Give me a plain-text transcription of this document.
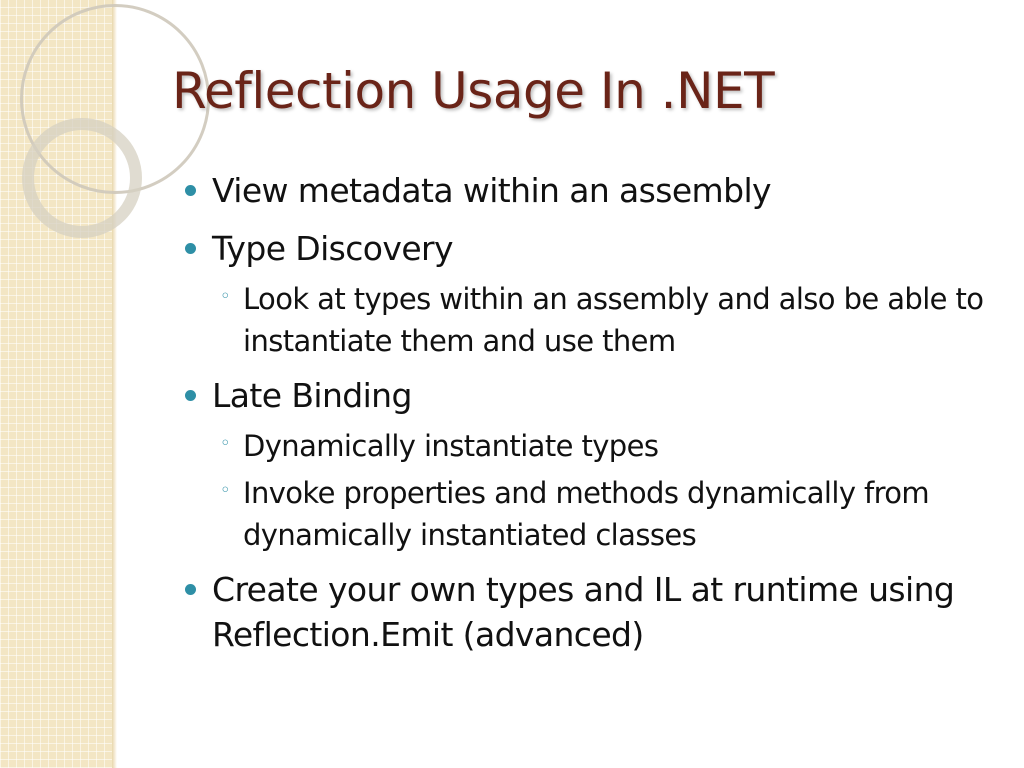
Reflection Usage In .NET
View metadata within an assembly
Type Discovery
◦ Look at types within an assembly and also be able to instantiate them and use them
Late Binding
◦ Dynamically instantiate types
◦ Invoke properties and methods dynamically from dynamically instantiated classes
Create your own types and IL at runtime using Reflection.Emit (advanced)
